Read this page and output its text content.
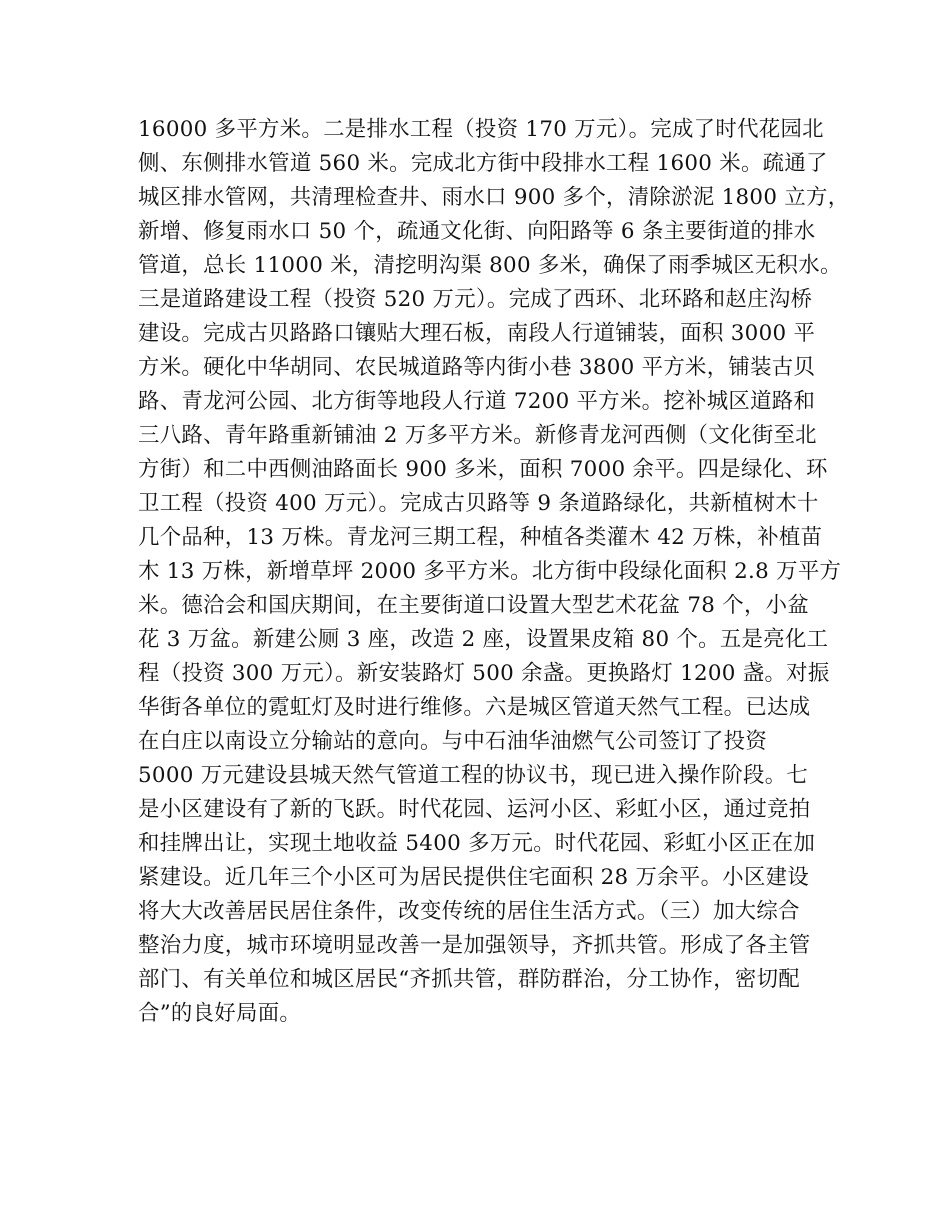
16000 多平方米。二是排水工程（投资 170 万元）。完成了时代花园北
侧、东侧排水管道 560 米。完成北方街中段排水工程 1600 米。疏通了
城区排水管网，共清理检查井、雨水口 900 多个，清除淤泥 1800 立方，
新增、修复雨水口 50 个，疏通文化街、向阳路等 6 条主要街道的排水
管道，总长 11000 米，清挖明沟渠 800 多米，确保了雨季城区无积水。
三是道路建设工程（投资 520 万元）。完成了西环、北环路和赵庄沟桥
建设。完成古贝路路口镶贴大理石板，南段人行道铺装，面积 3000 平
方米。硬化中华胡同、农民城道路等内街小巷 3800 平方米，铺装古贝
路、青龙河公园、北方街等地段人行道 7200 平方米。挖补城区道路和
三八路、青年路重新铺油 2 万多平方米。新修青龙河西侧（文化街至北
方街）和二中西侧油路面长 900 多米，面积 7000 余平。四是绿化、环
卫工程（投资 400 万元）。完成古贝路等 9 条道路绿化，共新植树木十
几个品种，13 万株。青龙河三期工程，种植各类灌木 42 万株，补植苗
木 13 万株，新增草坪 2000 多平方米。北方街中段绿化面积 2.8 万平方
米。德洽会和国庆期间，在主要街道口设置大型艺术花盆 78 个，小盆
花 3 万盆。新建公厕 3 座，改造 2 座，设置果皮箱 80 个。五是亮化工
程（投资 300 万元）。新安装路灯 500 余盏。更换路灯 1200 盏。对振
华街各单位的霓虹灯及时进行维修。六是城区管道天然气工程。已达成
在白庄以南设立分输站的意向。与中石油华油燃气公司签订了投资
5000 万元建设县城天然气管道工程的协议书，现已进入操作阶段。七
是小区建设有了新的飞跃。时代花园、运河小区、彩虹小区，通过竞拍
和挂牌出让，实现土地收益 5400 多万元。时代花园、彩虹小区正在加
紧建设。近几年三个小区可为居民提供住宅面积 28 万余平。小区建设
将大大改善居民居住条件，改变传统的居住生活方式。（三）加大综合
整治力度，城市环境明显改善一是加强领导，齐抓共管。形成了各主管
部门、有关单位和城区居民“齐抓共管，群防群治，分工协作，密切配
合”的良好局面。
